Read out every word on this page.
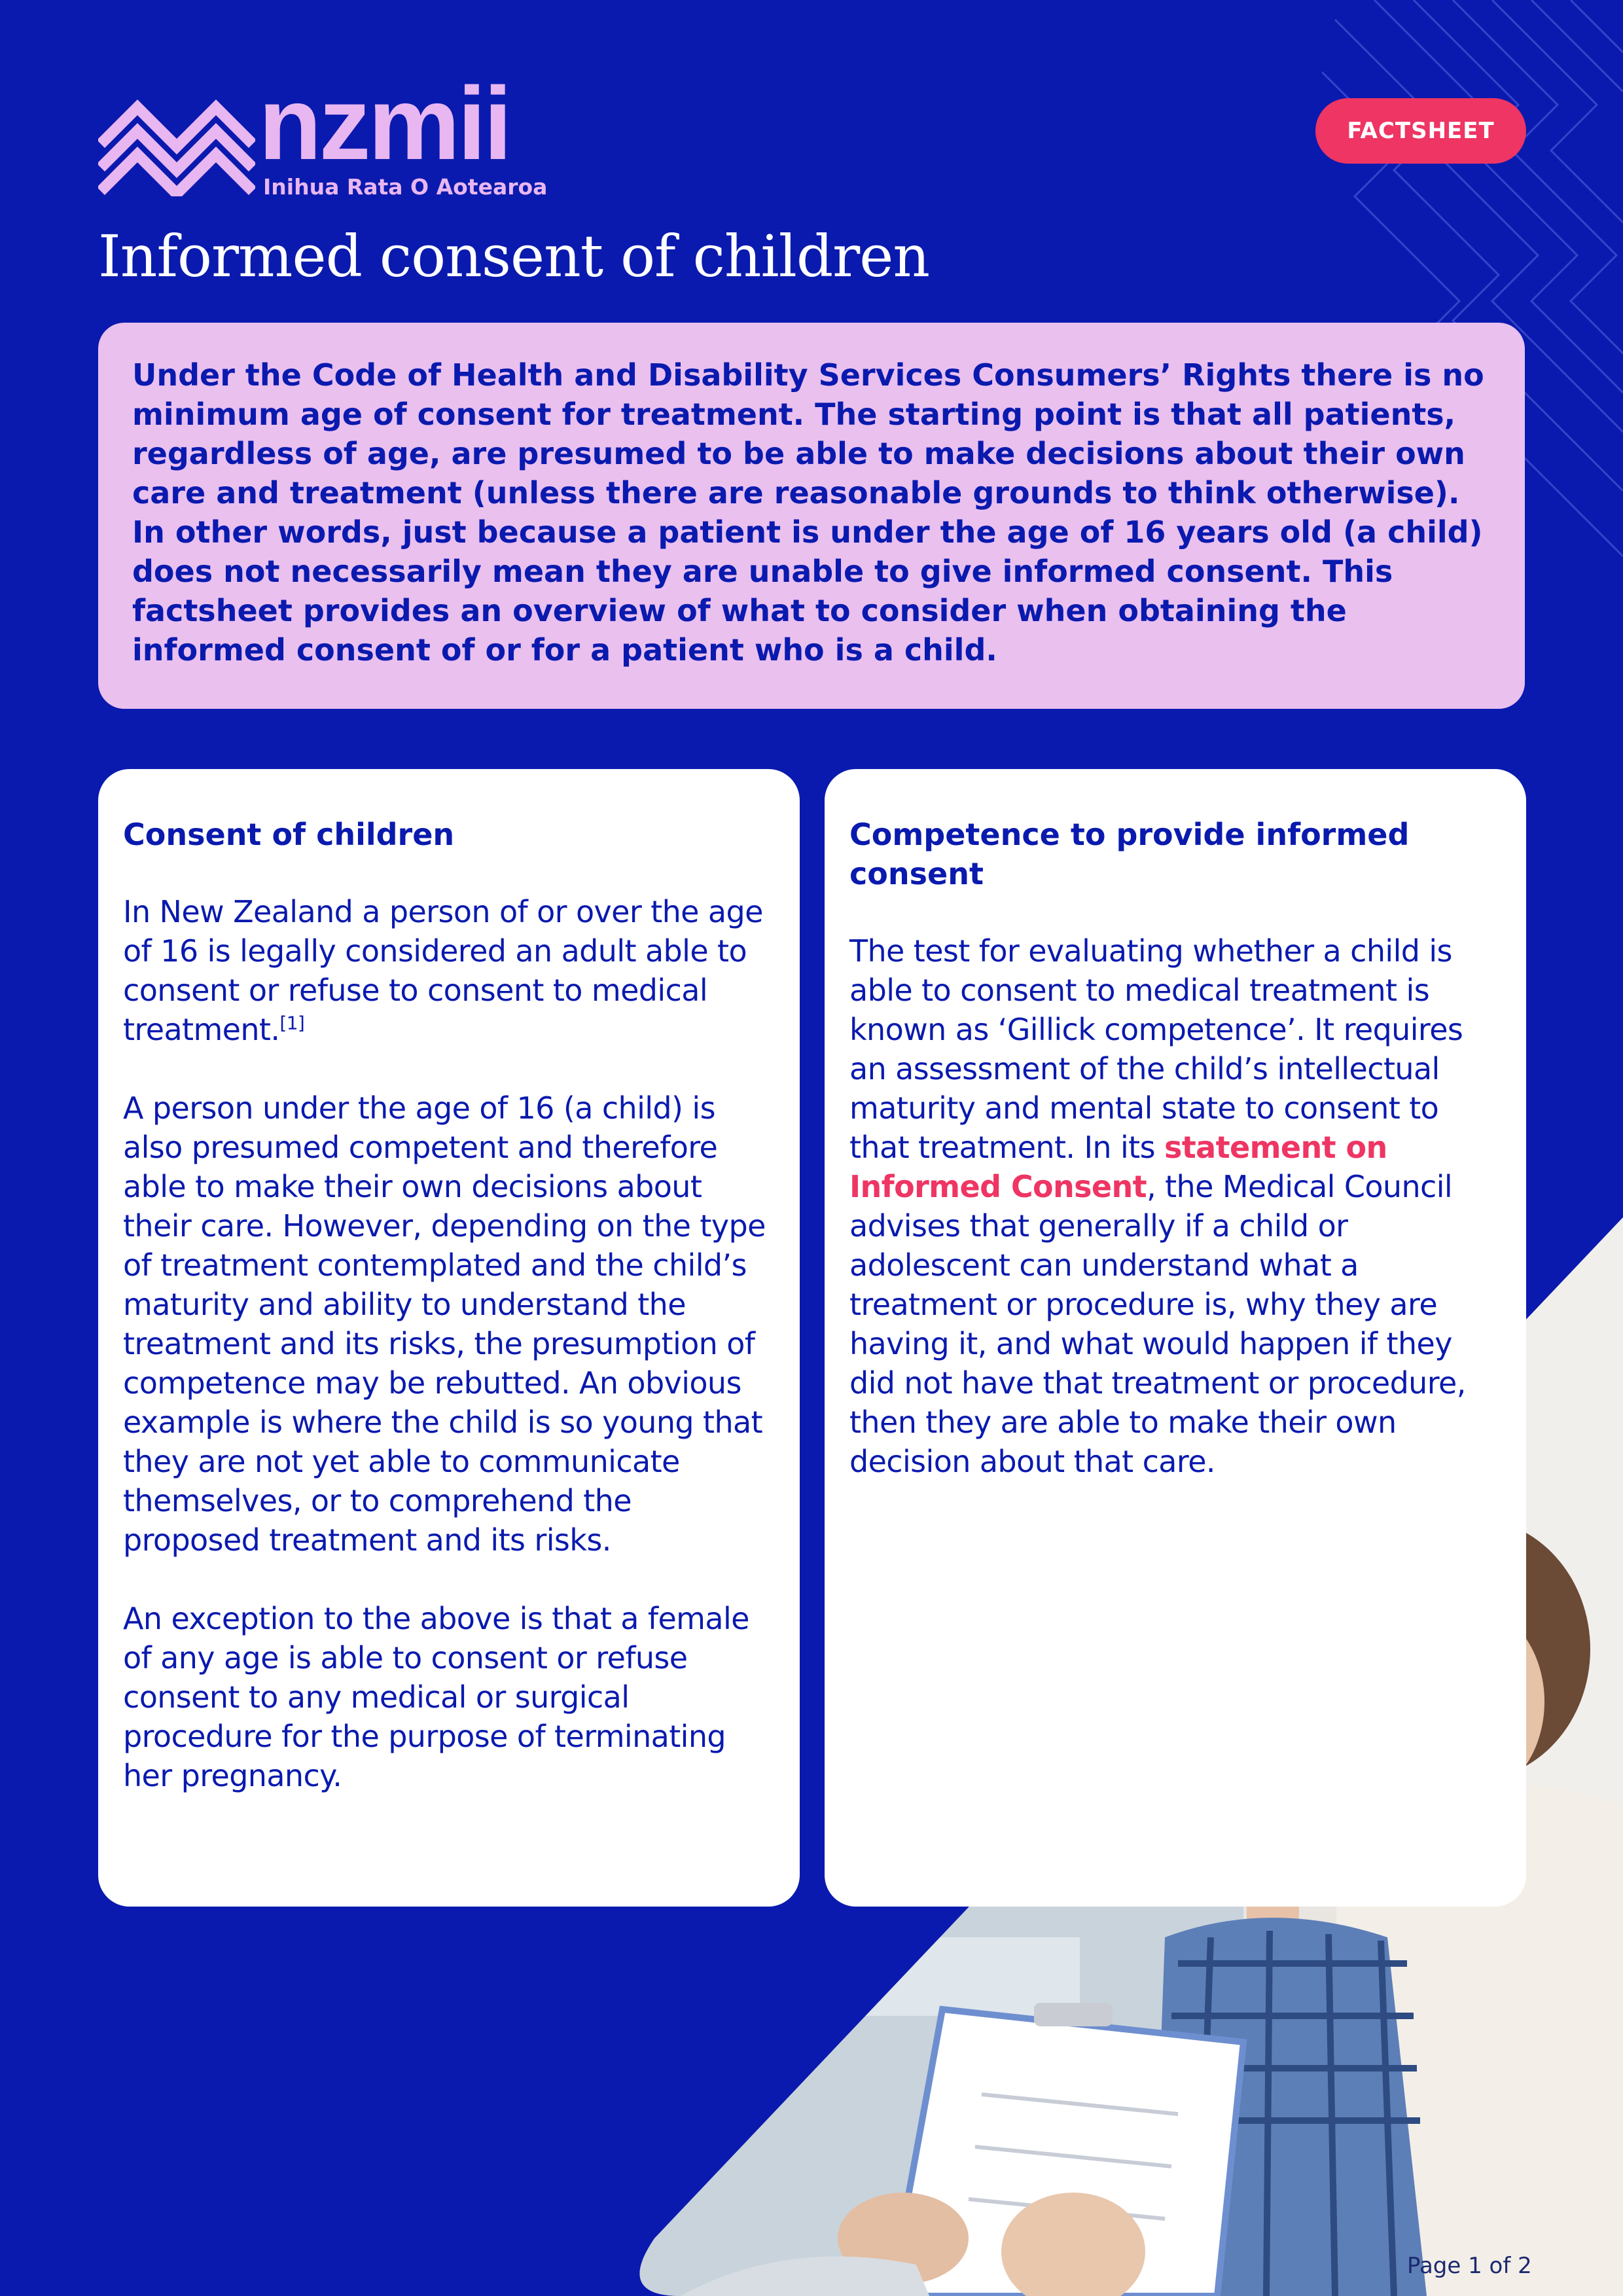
nzmii
Inihua Rata O Aotearoa
FACTSHEET
Informed consent of children

Under the Code of Health and Disability Services Consumers’ Rights there is no minimum age of consent for treatment. The starting point is that all patients, regardless of age, are presumed to be able to make decisions about their own care and treatment (unless there are reasonable grounds to think otherwise). In other words, just because a patient is under the age of 16 years old (a child) does not necessarily mean they are unable to give informed consent. This factsheet provides an overview of what to consider when obtaining the informed consent of or for a patient who is a child.

Consent of children

In New Zealand a person of or over the age of 16 is legally considered an adult able to consent or refuse to consent to medical treatment.[1]

A person under the age of 16 (a child) is also presumed competent and therefore able to make their own decisions about their care. However, depending on the type of treatment contemplated and the child’s maturity and ability to understand the treatment and its risks, the presumption of competence may be rebutted. An obvious example is where the child is so young that they are not yet able to communicate themselves, or to comprehend the proposed treatment and its risks.

An exception to the above is that a female of any age is able to consent or refuse consent to any medical or surgical procedure for the purpose of terminating her pregnancy.

Competence to provide informed consent

The test for evaluating whether a child is able to consent to medical treatment is known as ‘Gillick competence’. It requires an assessment of the child’s intellectual maturity and mental state to consent to that treatment. In its statement on Informed Consent, the Medical Council advises that generally if a child or adolescent can understand what a treatment or procedure is, why they are having it, and what would happen if they did not have that treatment or procedure, then they are able to make their own decision about that care.

Page 1 of 2
